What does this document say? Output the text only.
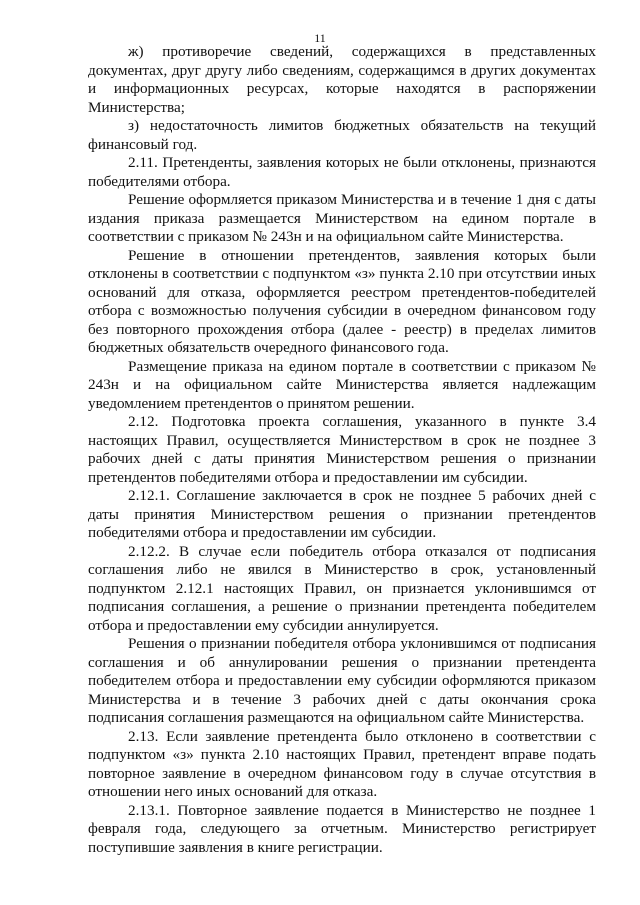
11

ж) противоречие сведений, содержащихся в представленных документах, друг другу либо сведениям, содержащимся в других документах и информационных ресурсах, которые находятся в распоряжении Министерства;

з) недостаточность лимитов бюджетных обязательств на текущий финансовый год.

2.11. Претенденты, заявления которых не были отклонены, признаются победителями отбора.

Решение оформляется приказом Министерства и в течение 1 дня с даты издания приказа размещается Министерством на едином портале в соответствии с приказом № 243н и на официальном сайте Министерства.

Решение в отношении претендентов, заявления которых были отклонены в соответствии с подпунктом «з» пункта 2.10 при отсутствии иных оснований для отказа, оформляется реестром претендентов-победителей отбора с возможностью получения субсидии в очередном финансовом году без повторного прохождения отбора (далее - реестр) в пределах лимитов бюджетных обязательств очередного финансового года.

Размещение приказа на едином портале в соответствии с приказом № 243н и на официальном сайте Министерства является надлежащим уведомлением претендентов о принятом решении.

2.12. Подготовка проекта соглашения, указанного в пункте 3.4 настоящих Правил, осуществляется Министерством в срок не позднее 3 рабочих дней с даты принятия Министерством решения о признании претендентов победителями отбора и предоставлении им субсидии.

2.12.1. Соглашение заключается в срок не позднее 5 рабочих дней с даты принятия Министерством решения о признании претендентов победителями отбора и предоставлении им субсидии.

2.12.2. В случае если победитель отбора отказался от подписания соглашения либо не явился в Министерство в срок, установленный подпунктом 2.12.1 настоящих Правил, он признается уклонившимся от подписания соглашения, а решение о признании претендента победителем отбора и предоставлении ему субсидии аннулируется.

Решения о признании победителя отбора уклонившимся от подписания соглашения и об аннулировании решения о признании претендента победителем отбора и предоставлении ему субсидии оформляются приказом Министерства и в течение 3 рабочих дней с даты окончания срока подписания соглашения размещаются на официальном сайте Министерства.

2.13. Если заявление претендента было отклонено в соответствии с подпунктом «з» пункта 2.10 настоящих Правил, претендент вправе подать повторное заявление в очередном финансовом году в случае отсутствия в отношении него иных оснований для отказа.

2.13.1. Повторное заявление подается в Министерство не позднее 1 февраля года, следующего за отчетным. Министерство регистрирует поступившие заявления в книге регистрации.
